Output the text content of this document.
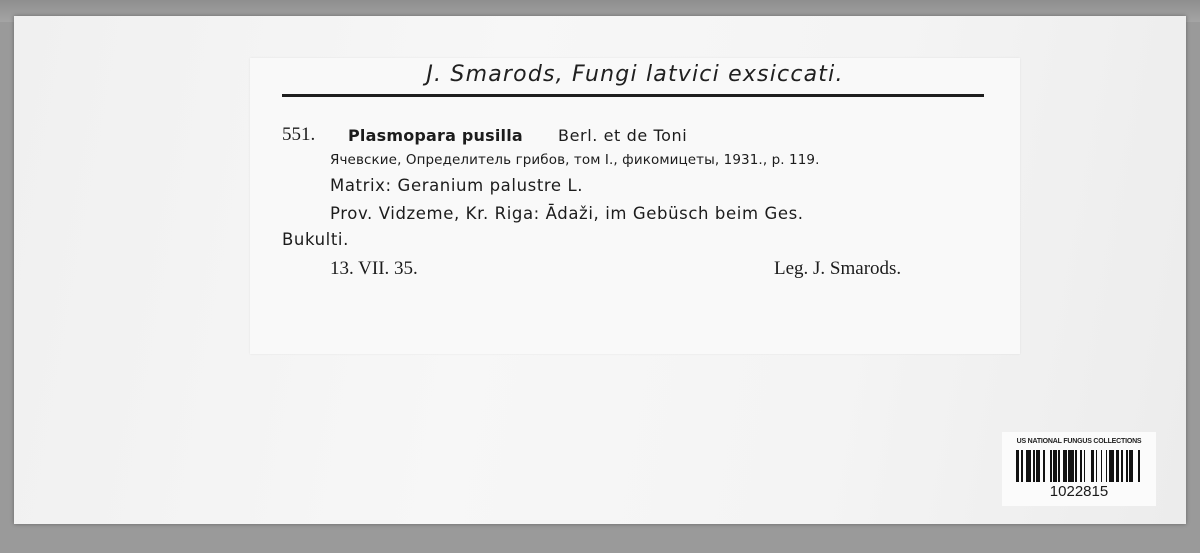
J. Smarods, Fungi latvici exsiccati.
551. Plasmopara pusilla Berl. et de Toni
Ячевские, Определитель грибов, том I., фикомицеты, 1931., p. 119.
Matrix: Geranium palustre L.
Prov. Vidzeme, Kr. Riga: Ādaži, im Gebüsch beim Ges.
Bukulti.
13. VII. 35.	Leg. J. Smarods.
US NATIONAL FUNGUS COLLECTIONS
1022815
